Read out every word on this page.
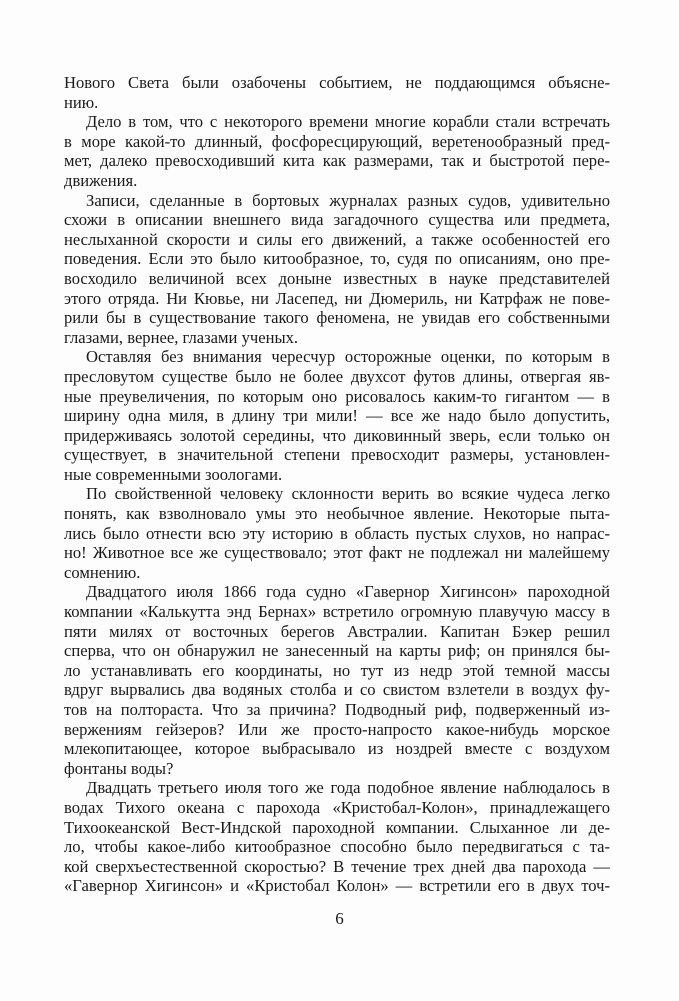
Нового Света были озабочены событием, не поддающимся объясне-
нию.
Дело в том, что с некоторого времени многие корабли стали встречать
в море какой-то длинный, фосфоресцирующий, веретенообразный пред-
мет, далеко превосходивший кита как размерами, так и быстротой пере-
движения.
Записи, сделанные в бортовых журналах разных судов, удивительно
схожи в описании внешнего вида загадочного существа или предмета,
неслыханной скорости и силы его движений, а также особенностей его
поведения. Если это было китообразное, то, судя по описаниям, оно пре-
восходило величиной всех доныне известных в науке представителей
этого отряда. Ни Кювье, ни Ласепед, ни Дюмериль, ни Катрфаж не пове-
рили бы в существование такого феномена, не увидав его собственными
глазами, вернее, глазами ученых.
Оставляя без внимания чересчур осторожные оценки, по которым в
пресловутом существе было не более двухсот футов длины, отвергая яв-
ные преувеличения, по которым оно рисовалось каким-то гигантом — в
ширину одна миля, в длину три мили! — все же надо было допустить,
придерживаясь золотой середины, что диковинный зверь, если только он
существует, в значительной степени превосходит размеры, установлен-
ные современными зоологами.
По свойственной человеку склонности верить во всякие чудеса легко
понять, как взволновало умы это необычное явление. Некоторые пыта-
лись было отнести всю эту историю в область пустых слухов, но напрас-
но! Животное все же существовало; этот факт не подлежал ни малейшему
сомнению.
Двадцатого июля 1866 года судно «Гавернор Хигинсон» пароходной
компании «Калькутта энд Бернах» встретило огромную плавучую массу в
пяти милях от восточных берегов Австралии. Капитан Бэкер решил
сперва, что он обнаружил не занесенный на карты риф; он принялся бы-
ло устанавливать его координаты, но тут из недр этой темной массы
вдруг вырвались два водяных столба и со свистом взлетели в воздух фу-
тов на полтораста. Что за причина? Подводный риф, подверженный из-
вержениям гейзеров? Или же просто-напросто какое-нибудь морское
млекопитающее, которое выбрасывало из ноздрей вместе с воздухом
фонтаны воды?
Двадцать третьего июля того же года подобное явление наблюдалось в
водах Тихого океана с парохода «Кристобал-Колон», принадлежащего
Тихоокеанской Вест-Индской пароходной компании. Слыханное ли де-
ло, чтобы какое-либо китообразное способно было передвигаться с та-
кой сверхъестественной скоростью? В течение трех дней два парохода —
«Гавернор Хигинсон» и «Кристобал Колон» — встретили его в двух точ-
6
